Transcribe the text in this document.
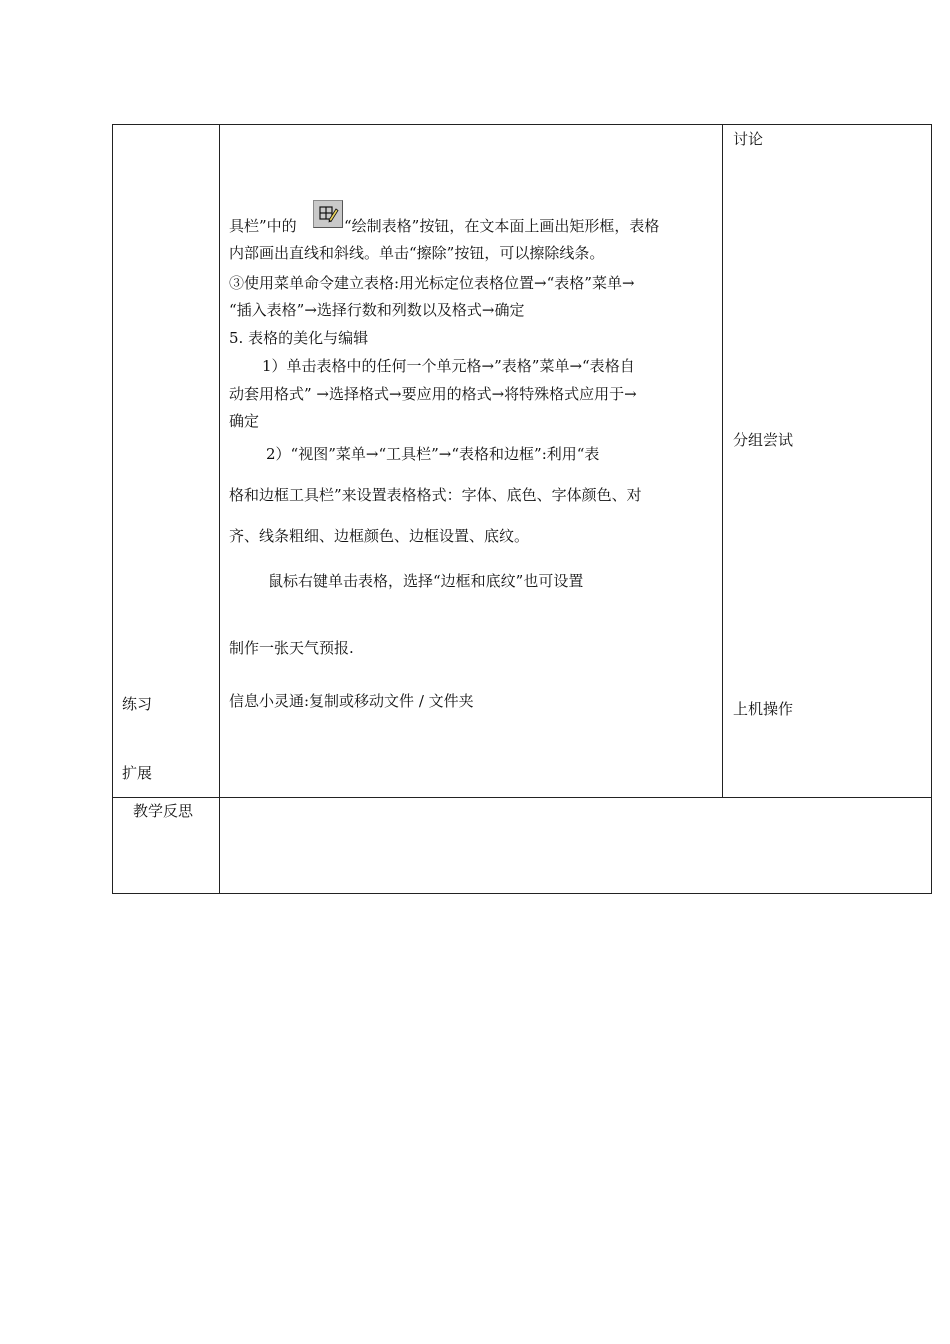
练习
扩展
教学反思
讨论
分组尝试
上机操作
具栏”中的	“绘制表格”按钮，在文本面上画出矩形框，表格
内部画出直线和斜线。单击“擦除”按钮，可以擦除线条。
③使用菜单命令建立表格:用光标定位表格位置→“表格”菜单→
“插入表格”→选择行数和列数以及格式→确定
5. 表格的美化与编辑
1）单击表格中的任何一个单元格→”表格”菜单→“表格自
动套用格式” →选择格式→要应用的格式→将特殊格式应用于→
确定
2）“视图”菜单→“工具栏”→“表格和边框”:利用“表
格和边框工具栏”来设置表格格式：字体、底色、字体颜色、对
齐、线条粗细、边框颜色、边框设置、底纹。
鼠标右键单击表格，选择“边框和底纹”也可设置
制作一张天气预报.
信息小灵通:复制或移动文件 / 文件夹
